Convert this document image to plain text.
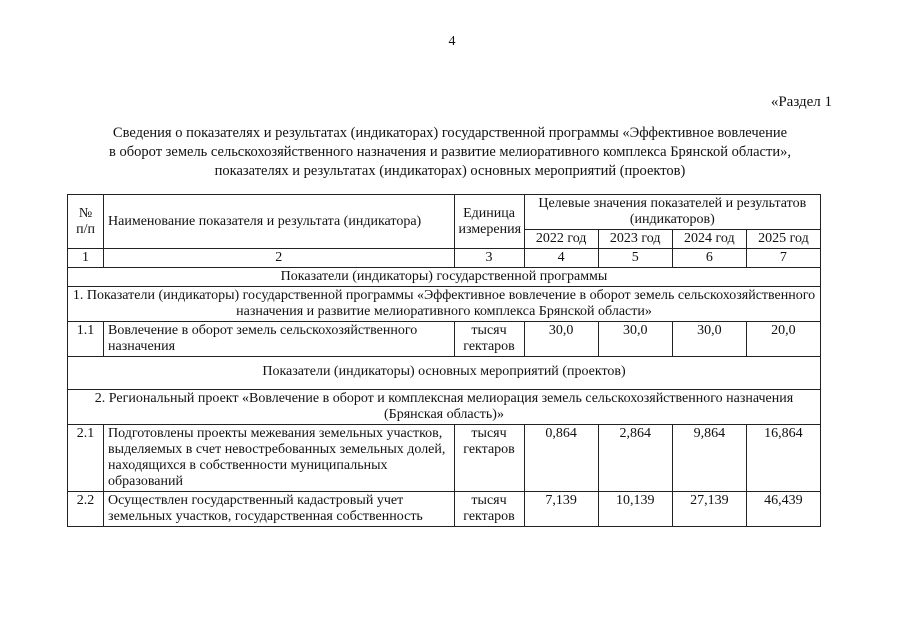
4
«Раздел 1
Сведения о показателях и результатах (индикаторах) государственной программы «Эффективное вовлечение
в оборот земель сельскохозяйственного назначения и развитие мелиоративного комплекса Брянской области»,
показателях и результатах (индикаторах) основных мероприятий (проектов)
№ п/п	Наименование показателя и результата (индикатора)	Единица измерения	Целевые значения показателей и результатов (индикаторов)			
			2022 год	2023 год	2024 год	2025 год
1	2	3	4	5	6	7
Показатели (индикаторы) государственной программы						
1. Показатели (индикаторы) государственной программы «Эффективное вовлечение в оборот земель сельскохозяйственного назначения и развитие мелиоративного комплекса Брянской области»						
1.1	Вовлечение в оборот земель сельскохозяйственного назначения	тысяч гектаров	30,0	30,0	30,0	20,0
Показатели (индикаторы) основных мероприятий (проектов)						
2. Региональный проект «Вовлечение в оборот и комплексная мелиорация земель сельскохозяйственного назначения (Брянская область)»						
2.1	Подготовлены проекты межевания земельных участков, выделяемых в счет невостребованных земельных долей, находящихся в собственности муниципальных образований	тысяч гектаров	0,864	2,864	9,864	16,864
2.2	Осуществлен государственный кадастровый учет земельных участков, государственная собственность	тысяч гектаров	7,139	10,139	27,139	46,439
